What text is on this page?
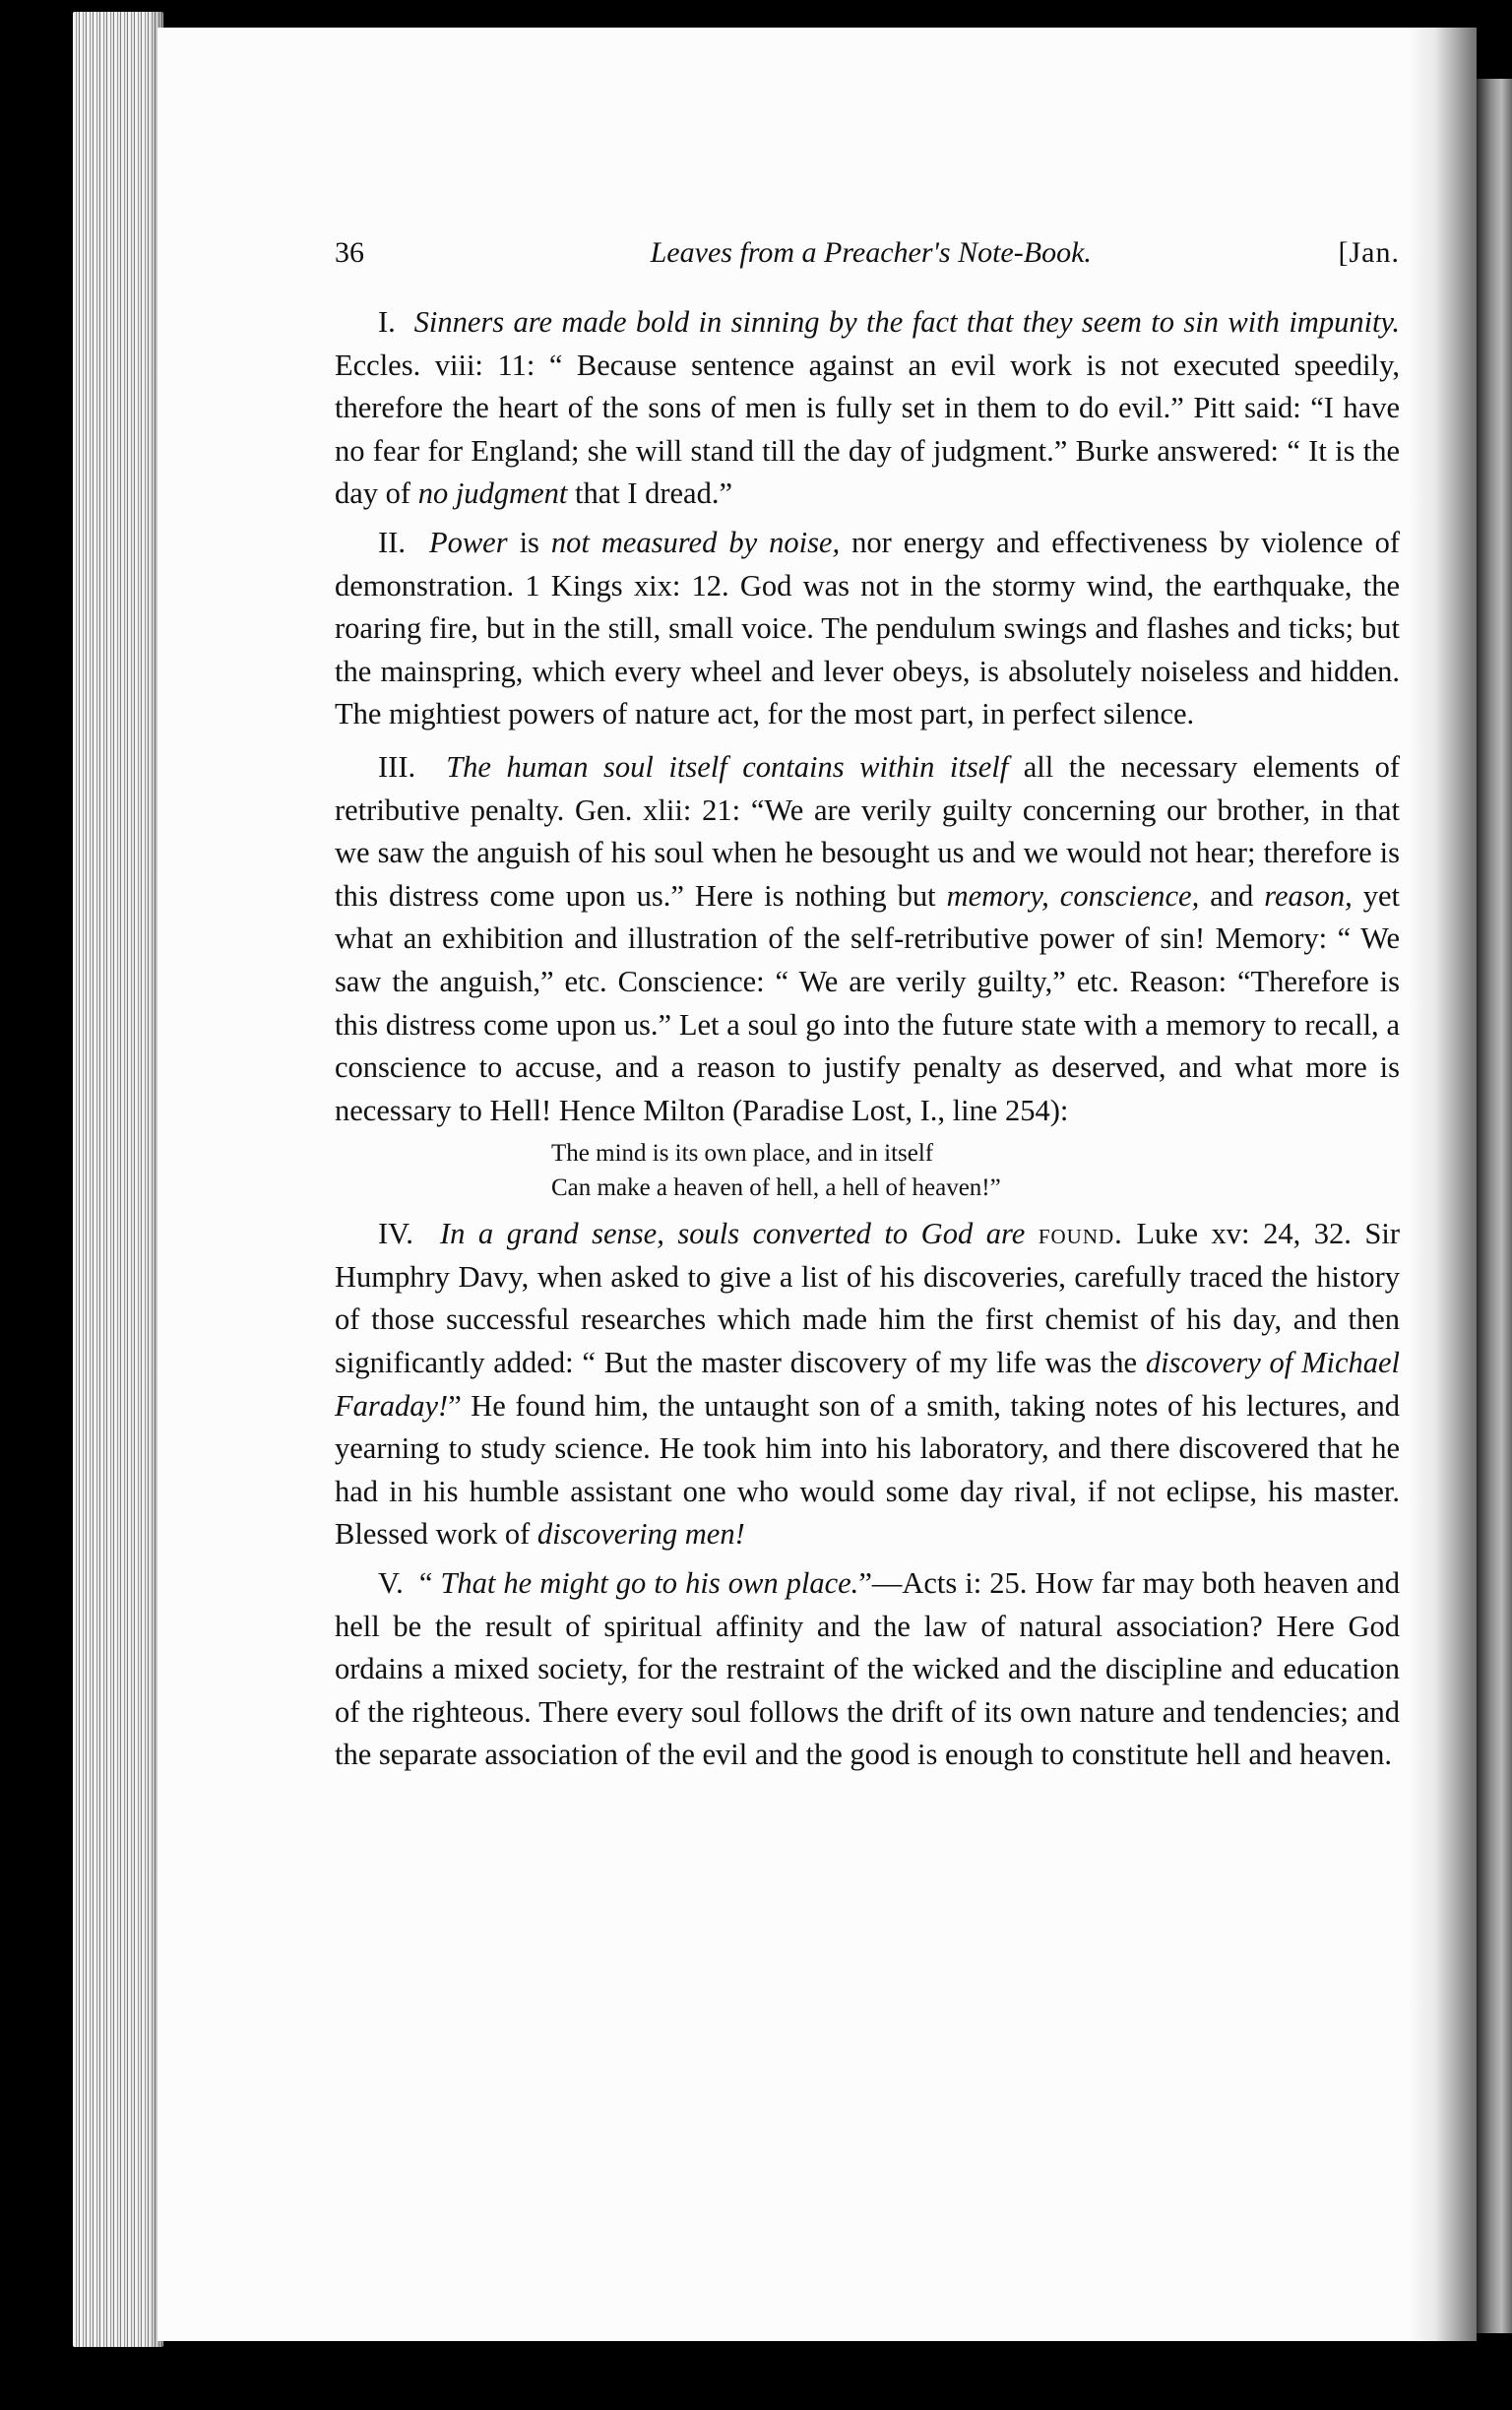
36	Leaves from a Preacher's Note-Book.	[Jan.

I. Sinners are made bold in sinning by the fact that they seem to sin with impunity. Eccles. viii: 11: “ Because sentence against an evil work is not executed speedily, therefore the heart of the sons of men is fully set in them to do evil.” Pitt said: “I have no fear for England; she will stand till the day of judgment.” Burke answered: “ It is the day of no judgment that I dread.”

II. Power is not measured by noise, nor energy and effectiveness by violence of demonstration. 1 Kings xix: 12. God was not in the stormy wind, the earthquake, the roaring fire, but in the still, small voice. The pendulum swings and flashes and ticks; but the mainspring, which every wheel and lever obeys, is absolutely noiseless and hidden. The mightiest powers of nature act, for the most part, in perfect silence.

III. The human soul itself contains within itself all the necessary elements of retributive penalty. Gen. xlii: 21: “We are verily guilty concerning our brother, in that we saw the anguish of his soul when he besought us and we would not hear; therefore is this distress come upon us.” Here is nothing but memory, conscience, and reason, yet what an exhibition and illustration of the self-retributive power of sin! Memory: “ We saw the anguish,” etc. Conscience: “ We are verily guilty,” etc. Reason: “Therefore is this distress come upon us.” Let a soul go into the future state with a memory to recall, a conscience to accuse, and a reason to justify penalty as deserved, and what more is necessary to Hell! Hence Milton (Paradise Lost, I., line 254):

The mind is its own place, and in itself
Can make a heaven of hell, a hell of heaven!”

IV. In a grand sense, souls converted to God are found. Luke xv: 24, 32. Sir Humphry Davy, when asked to give a list of his discoveries, carefully traced the history of those successful researches which made him the first chemist of his day, and then significantly added: “ But the master discovery of my life was the discovery of Michael Faraday!” He found him, the untaught son of a smith, taking notes of his lectures, and yearning to study science. He took him into his laboratory, and there discovered that he had in his humble assistant one who would some day rival, if not eclipse, his master. Blessed work of discovering men!

V. “ That he might go to his own place.”—Acts i: 25. How far may both heaven and hell be the result of spiritual affinity and the law of natural association? Here God ordains a mixed society, for the restraint of the wicked and the discipline and education of the righteous. There every soul follows the drift of its own nature and tendencies; and the separate association of the evil and the good is enough to constitute hell and heaven.
